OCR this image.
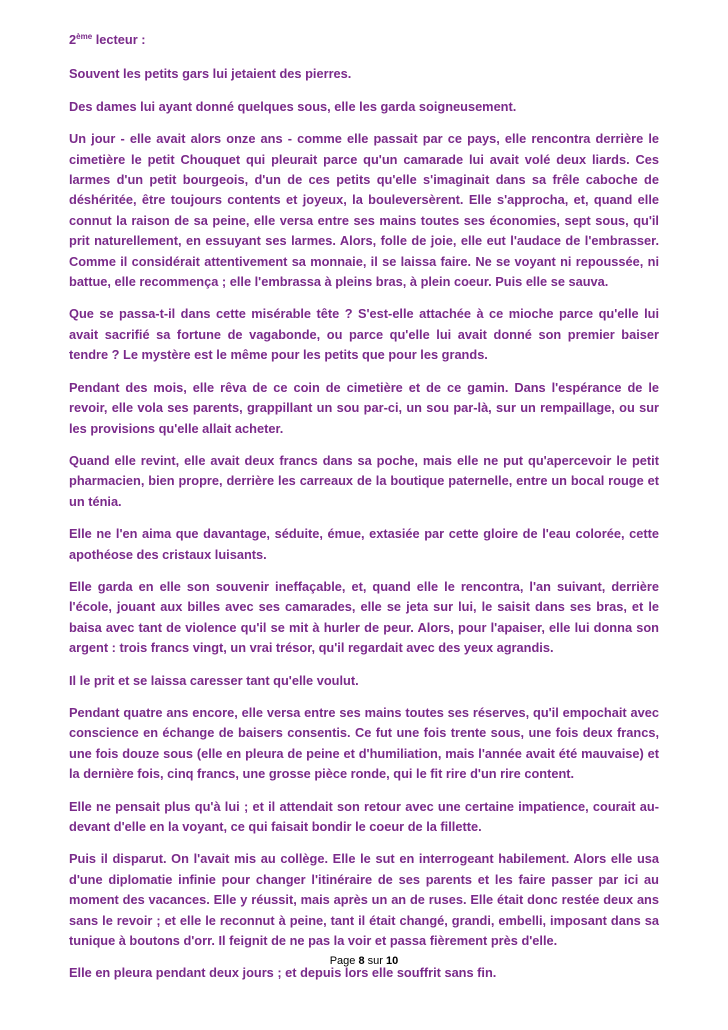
2ème lecteur :

Souvent les petits gars lui jetaient des pierres.

Des dames lui ayant donné quelques sous, elle les garda soigneusement.

Un jour - elle avait alors onze ans - comme elle passait par ce pays, elle rencontra derrière le cimetière le petit Chouquet qui pleurait parce qu'un camarade lui avait volé deux liards. Ces larmes d'un petit bourgeois, d'un de ces petits qu'elle s'imaginait dans sa frêle caboche de déshéritée, être toujours contents et joyeux, la bouleversèrent. Elle s'approcha, et, quand elle connut la raison de sa peine, elle versa entre ses mains toutes ses économies, sept sous, qu'il prit naturellement, en essuyant ses larmes. Alors, folle de joie, elle eut l'audace de l'embrasser. Comme il considérait attentivement sa monnaie, il se laissa faire. Ne se voyant ni repoussée, ni battue, elle recommença ; elle l'embrassa à pleins bras, à plein coeur. Puis elle se sauva.

Que se passa-t-il dans cette misérable tête ? S'est-elle attachée à ce mioche parce qu'elle lui avait sacrifié sa fortune de vagabonde, ou parce qu'elle lui avait donné son premier baiser tendre ? Le mystère est le même pour les petits que pour les grands.

Pendant des mois, elle rêva de ce coin de cimetière et de ce gamin. Dans l'espérance de le revoir, elle vola ses parents, grappillant un sou par-ci, un sou par-là, sur un rempaillage, ou sur les provisions qu'elle allait acheter.

Quand elle revint, elle avait deux francs dans sa poche, mais elle ne put qu'apercevoir le petit pharmacien, bien propre, derrière les carreaux de la boutique paternelle, entre un bocal rouge et un ténia.

Elle ne l'en aima que davantage, séduite, émue, extasiée par cette gloire de l'eau colorée, cette apothéose des cristaux luisants.

Elle garda en elle son souvenir ineffaçable, et, quand elle le rencontra, l'an suivant, derrière l'école, jouant aux billes avec ses camarades, elle se jeta sur lui, le saisit dans ses bras, et le baisa avec tant de violence qu'il se mit à hurler de peur. Alors, pour l'apaiser, elle lui donna son argent : trois francs vingt, un vrai trésor, qu'il regardait avec des yeux agrandis.

Il le prit et se laissa caresser tant qu'elle voulut.

Pendant quatre ans encore, elle versa entre ses mains toutes ses réserves, qu'il empochait avec conscience en échange de baisers consentis. Ce fut une fois trente sous, une fois deux francs, une fois douze sous (elle en pleura de peine et d'humiliation, mais l'année avait été mauvaise) et la dernière fois, cinq francs, une grosse pièce ronde, qui le fit rire d'un rire content.

Elle ne pensait plus qu'à lui ; et il attendait son retour avec une certaine impatience, courait au-devant d'elle en la voyant, ce qui faisait bondir le coeur de la fillette.

Puis il disparut. On l'avait mis au collège. Elle le sut en interrogeant habilement. Alors elle usa d'une diplomatie infinie pour changer l'itinéraire de ses parents et les faire passer par ici au moment des vacances. Elle y réussit, mais après un an de ruses. Elle était donc restée deux ans sans le revoir ; et elle le reconnut à peine, tant il était changé, grandi, embelli, imposant dans sa tunique à boutons d'orr. Il feignit de ne pas la voir et passa fièrement près d'elle.

Elle en pleura pendant deux jours ; et depuis lors elle souffrit sans fin.

Page 8 sur 10
